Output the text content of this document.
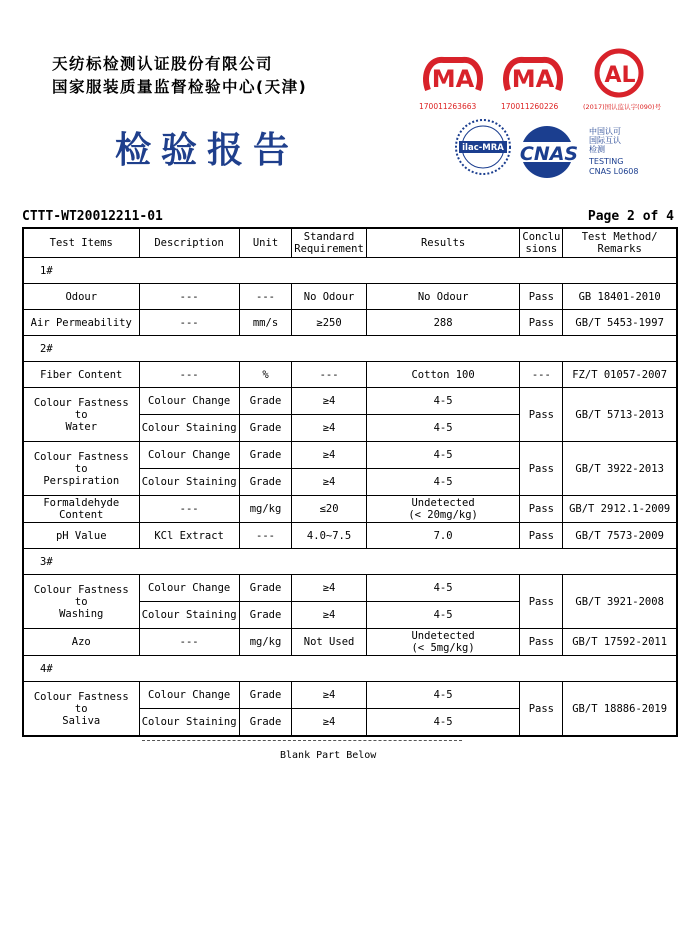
天纺标检测认证股份有限公司
国家服装质量监督检验中心(天津)
检验报告
MA
170011263663
MA
170011260226
AL
(2017)国认监认字(090)号
ilac-MRA CNAS
中国认可
国际互认
检测
TESTING
CNAS L0608
CTTT-WT20012211-01	Page 2 of 4
Test Items	Description	Unit	Standard
Requirement	Results	Conclu
sions	Test Method/
Remarks
1#						
Odour	---	---	No Odour	No Odour	Pass	GB 18401-2010
Air Permeability	---	mm/s	≥250	288	Pass	GB/T 5453-1997
2#						
Fiber Content	---	%	---	Cotton 100	---	FZ/T 01057-2007
Colour Fastness to
Water	Colour Change	Grade	≥4	4-5	Pass	GB/T 5713-2013
	Colour Staining	Grade	≥4	4-5		
Colour Fastness to
Perspiration	Colour Change	Grade	≥4	4-5	Pass	GB/T 3922-2013
	Colour Staining	Grade	≥4	4-5		
Formaldehyde
Content	---	mg/kg	≤20	Undetected
(< 20mg/kg)	Pass	GB/T 2912.1-2009
pH Value	KCl Extract	---	4.0~7.5	7.0	Pass	GB/T 7573-2009
3#						
Colour Fastness to
Washing	Colour Change	Grade	≥4	4-5	Pass	GB/T 3921-2008
	Colour Staining	Grade	≥4	4-5		
Azo	---	mg/kg	Not Used	Undetected
(< 5mg/kg)	Pass	GB/T 17592-2011
4#						
Colour Fastness to
Saliva	Colour Change	Grade	≥4	4-5	Pass	GB/T 18886-2019
	Colour Staining	Grade	≥4	4-5		
Blank Part Below
